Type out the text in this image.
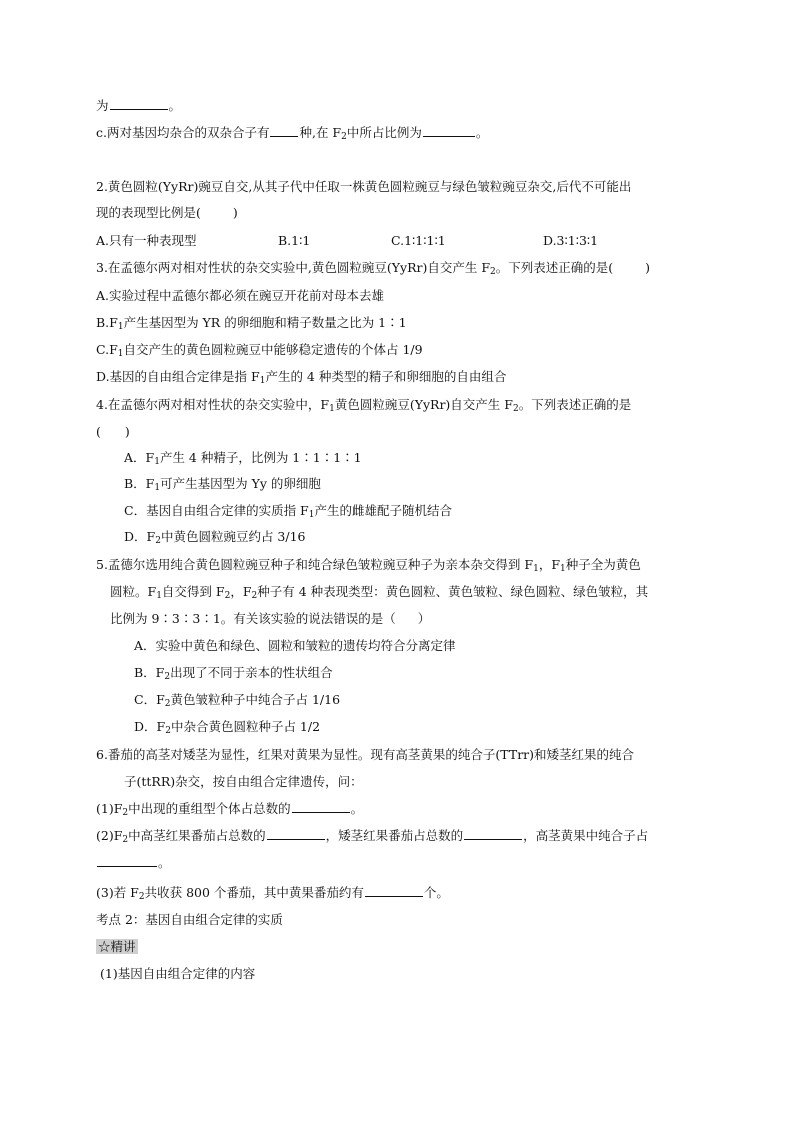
为	。
c.两对基因均杂合的双杂合子有 种,在 $F_2$中所占比例为	。
2.黄色圆粒(YyRr)豌豆自交,从其子代中任取一株黄色圆粒豌豆与绿色皱粒豌豆杂交,后代不可能出
现的表现型比例是(	)
A.只有一种表现型	B.1∶1	C.1∶1∶1∶1	D.3∶1∶3∶1
3.在孟德尔两对相对性状的杂交实验中,黄色圆粒豌豆(YyRr)自交产生 $F_2$。下列表述正确的是(	)
A.实验过程中孟德尔都必须在豌豆开花前对母本去雄
$B.F_1$产生基因型为 YR 的卵细胞和精子数量之比为 1∶1
$C.F_1$自交产生的黄色圆粒豌豆中能够稳定遗传的个体占 1/9
D.基因的自由组合定律是指 $F_1$产生的 4 种类型的精子和卵细胞的自由组合
4.在孟德尔两对相对性状的杂交实验中，$F_1$黄色圆粒豌豆(YyRr)自交产生 $F_2$。下列表述正确的是
( )
A．$F_1$产生 4 种精子，比例为 1∶1∶1∶1
B．$F_1$可产生基因型为 Yy 的卵细胞
C．基因自由组合定律的实质指 $F_1$产生的雌雄配子随机结合
D．$F_2$中黄色圆粒豌豆约占 3/16
5.孟德尔选用纯合黄色圆粒豌豆种子和纯合绿色皱粒豌豆种子为亲本杂交得到 $F_1$，$F_1$种子全为黄色
圆粒。$F_1$自交得到 $F_2$，$F_2$种子有 4 种表现类型：黄色圆粒、黄色皱粒、绿色圆粒、绿色皱粒，其
比例为 9∶3∶3∶1。有关该实验的说法错误的是（ ）
A．实验中黄色和绿色、圆粒和皱粒的遗传均符合分离定律
B．$F_2$出现了不同于亲本的性状组合
C．$F_2$黄色皱粒种子中纯合子占 1/16
D．$F_2$中杂合黄色圆粒种子占 1/2
6.番茄的高茎对矮茎为显性，红果对黄果为显性。现有高茎黄果的纯合子(TTrr)和矮茎红果的纯合
子(ttRR)杂交，按自由组合定律遗传，问：
$(1)F_2$中出现的重组型个体占总数的	。
$(2)F_2$中高茎红果番茄占总数的	，矮茎红果番茄占总数的	，高茎黄果中纯合子占
。
(3)若 $F_2$共收获 800 个番茄，其中黄果番茄约有	个。
考点 2：基因自由组合定律的实质
☆精讲
(1)基因自由组合定律的内容
